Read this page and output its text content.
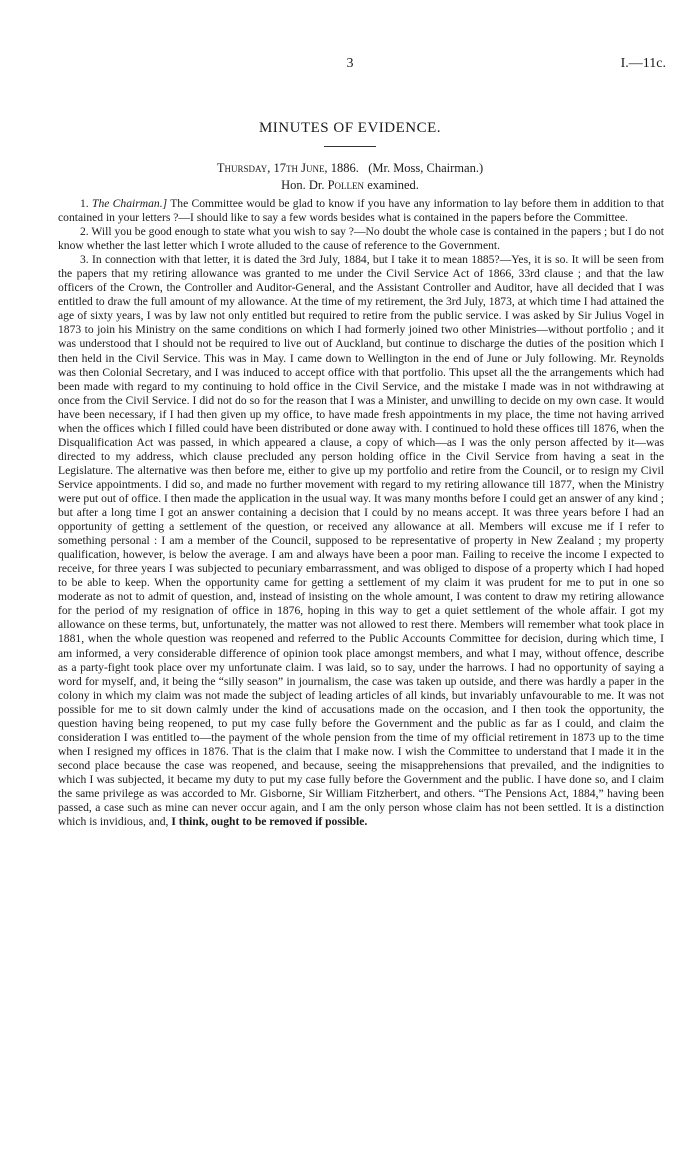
3	I.—11c.
MINUTES OF EVIDENCE.
Thursday, 17th June, 1886. (Mr. Moss, Chairman.)
Hon. Dr. Pollen examined.

1. The Chairman.] The Committee would be glad to know if you have any information to lay before them in addition to that contained in your letters ?—I should like to say a few words besides what is contained in the papers before the Committee.

2. Will you be good enough to state what you wish to say ?—No doubt the whole case is contained in the papers ; but I do not know whether the last letter which I wrote alluded to the cause of reference to the Government.

3. In connection with that letter, it is dated the 3rd July, 1884, but I take it to mean 1885?—Yes, it is so. It will be seen from the papers that my retiring allowance was granted to me under the Civil Service Act of 1866, 33rd clause ; and that the law officers of the Crown, the Controller and Auditor-General, and the Assistant Controller and Auditor, have all decided that I was entitled to draw the full amount of my allowance. At the time of my retirement, the 3rd July, 1873, at which time I had attained the age of sixty years, I was by law not only entitled but required to retire from the public service. I was asked by Sir Julius Vogel in 1873 to join his Ministry on the same conditions on which I had formerly joined two other Ministries—without portfolio ; and it was understood that I should not be required to live out of Auckland, but continue to discharge the duties of the position which I then held in the Civil Service. This was in May. I came down to Wellington in the end of June or July following. Mr. Reynolds was then Colonial Secretary, and I was induced to accept office with that portfolio. This upset all the the arrangements which had been made with regard to my continuing to hold office in the Civil Service, and the mistake I made was in not withdrawing at once from the Civil Service. I did not do so for the reason that I was a Minister, and unwilling to decide on my own case. It would have been necessary, if I had then given up my office, to have made fresh appointments in my place, the time not having arrived when the offices which I filled could have been distributed or done away with. I continued to hold these offices till 1876, when the Disqualification Act was passed, in which appeared a clause, a copy of which—as I was the only person affected by it—was directed to my address, which clause precluded any person holding office in the Civil Service from having a seat in the Legislature. The alternative was then before me, either to give up my portfolio and retire from the Council, or to resign my Civil Service appointments. I did so, and made no further movement with regard to my retiring allowance till 1877, when the Ministry were put out of office. I then made the application in the usual way. It was many months before I could get an answer of any kind ; but after a long time I got an answer containing a decision that I could by no means accept. It was three years before I had an opportunity of getting a settlement of the question, or received any allowance at all. Members will excuse me if I refer to something personal : I am a member of the Council, supposed to be representative of property in New Zealand ; my property qualification, however, is below the average. I am and always have been a poor man. Failing to receive the income I expected to receive, for three years I was subjected to pecuniary embarrassment, and was obliged to dispose of a property which I had hoped to be able to keep. When the opportunity came for getting a settlement of my claim it was prudent for me to put in one so moderate as not to admit of question, and, instead of insisting on the whole amount, I was content to draw my retiring allowance for the period of my resignation of office in 1876, hoping in this way to get a quiet settlement of the whole affair. I got my allowance on these terms, but, unfortunately, the matter was not allowed to rest there. Members will remember what took place in 1881, when the whole question was reopened and referred to the Public Accounts Committee for decision, during which time, I am informed, a very considerable difference of opinion took place amongst members, and what I may, without offence, describe as a party-fight took place over my unfortunate claim. I was laid, so to say, under the harrows. I had no opportunity of saying a word for myself, and, it being the “silly season” in journalism, the case was taken up outside, and there was hardly a paper in the colony in which my claim was not made the subject of leading articles of all kinds, but invariably unfavourable to me. It was not possible for me to sit down calmly under the kind of accusations made on the occasion, and I then took the opportunity, the question having being reopened, to put my case fully before the Government and the public as far as I could, and claim the consideration I was entitled to—the payment of the whole pension from the time of my official retirement in 1873 up to the time when I resigned my offices in 1876. That is the claim that I make now. I wish the Committee to understand that I made it in the second place because the case was reopened, and because, seeing the misapprehensions that prevailed, and the indignities to which I was subjected, it became my duty to put my case fully before the Government and the public. I have done so, and I claim the same privilege as was accorded to Mr. Gisborne, Sir William Fitzherbert, and others. “The Pensions Act, 1884,” having been passed, a case such as mine can never occur again, and I am the only person whose claim has not been settled. It is a distinction which is invidious, and, I think, ought to be removed if possible.
